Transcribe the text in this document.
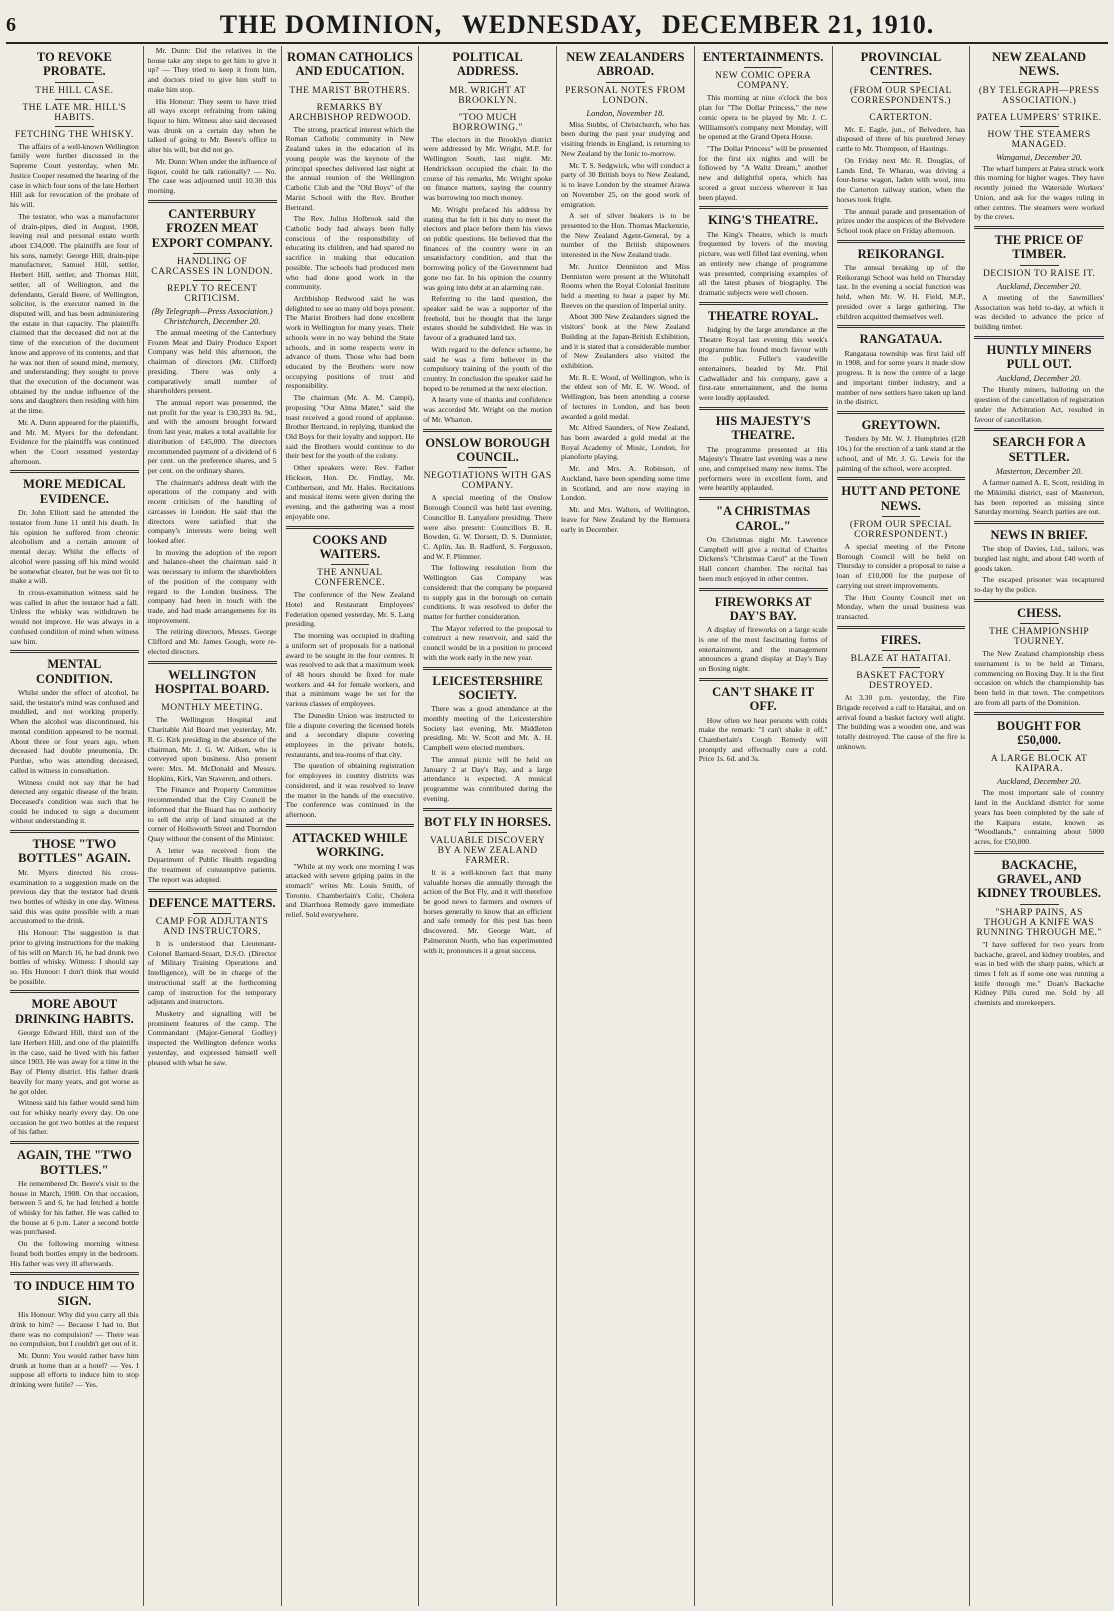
6	THE DOMINION, WEDNESDAY, DECEMBER 21, 1910.
TO REVOKE PROBATE.
THE HILL CASE.
THE LATE MR. HILL'S HABITS.
FETCHING THE WHISKY.

The affairs of a well-known Wellington family were further discussed in the Supreme Court yesterday, when Mr. Justice Cooper resumed the hearing of the case in which four sons of the late Herbert Hill ask for revocation of the probate of his will.

The testator, who was a manufacturer of drain-pipes, died in August, 1908, leaving real and personal estate worth about £34,000. The plaintiffs are four of his sons, namely: George Hill, drain-pipe manufacturer, Samuel Hill, settler, Herbert Hill, settler, and Thomas Hill, settler, all of Wellington, and the defendants, Gerald Beere, of Wellington, solicitor, is the executor named in the disputed will, and has been administering the estate in that capacity. The plaintiffs claimed that the deceased did not at the time of the execution of the document know and approve of its contents, and that he was not then of sound mind, memory, and understanding; they sought to prove that the execution of the document was obtained by the undue influence of the sons and daughters then residing with him at the time.

Mr. A. Dunn appeared for the plaintiffs, and Mr. M. Myers for the defendant. Evidence for the plaintiffs was continued when the Court resumed yesterday afternoon.

MORE MEDICAL EVIDENCE.

Dr. John Elliott said he attended the testator from June 11 until his death. In his opinion he suffered from chronic alcoholism and a certain amount of mental decay. Whilst the effects of alcohol were passing off his mind would be somewhat clearer, but he was not fit to make a will.

In cross-examination witness said he was called in after the testator had a fall. Unless the whisky was withdrawn he would not improve. He was always in a confused condition of mind when witness saw him.

MENTAL CONDITION.

Whilst under the effect of alcohol, he said, the testator's mind was confused and muddled, and not working properly. When the alcohol was discontinued, his mental condition appeared to be normal. About three or four years ago, when deceased had double pneumonia, Dr. Purdue, who was attending deceased, called in witness in consultation.

Witness could not say that he had detected any organic disease of the brain. Deceased's condition was such that he could be induced to sign a document without understanding it.

THOSE "TWO BOTTLES" AGAIN.

Mr. Myers directed his cross-examination to a suggestion made on the previous day that the testator had drunk two bottles of whisky in one day. Witness said this was quite possible with a man accustomed to the drink.

His Honour: The suggestion is that prior to giving instructions for the making of his will on March 16, he had drunk two bottles of whisky. Witness: I should say so. His Honour: I don't think that would be possible.

MORE ABOUT DRINKING HABITS.

George Edward Hill, third son of the late Herbert Hill, and one of the plaintiffs in the case, said he lived with his father since 1903. He was away for a time in the Bay of Plenty district. His father drank heavily for many years, and got worse as he got older.

Witness said his father would send him out for whisky nearly every day. On one occasion he got two bottles at the request of his father.

AGAIN, THE "TWO BOTTLES."

He remembered Dr. Beere's visit to the house in March, 1908. On that occasion, between 5 and 6, he had fetched a bottle of whisky for his father. He was called to the house at 6 p.m. Later a second bottle was purchased.

On the following morning witness found both bottles empty in the bedroom. His father was very ill afterwards.

TO INDUCE HIM TO SIGN.

His Honour: Why did you carry all this drink to him? — Because I had to. But there was no compulsion? — There was no compulsion, but I couldn't get out of it.

Mr. Dunn: You would rather have him drunk at home than at a hotel? — Yes. I suppose all efforts to induce him to stop drinking were futile? — Yes.

Mr. Dunn: Did the relatives in the house take any steps to get him to give it up? — They tried to keep it from him, and doctors tried to give him stuff to make him stop.

His Honour: They seem to have tried all ways except refraining from taking liquor to him. Witness also said deceased was drunk on a certain day when he talked of going to Mr. Beere's office to alter his will, but did not go.

Mr. Dunn: When under the influence of liquor, could he talk rationally? — No. The case was adjourned until 10.30 this morning.

CANTERBURY FROZEN MEAT EXPORT COMPANY.
HANDLING OF CARCASSES IN LONDON.
REPLY TO RECENT CRITICISM.
(By Telegraph—Press Association.) Christchurch, December 20.

The annual meeting of the Canterbury Frozen Meat and Dairy Produce Export Company was held this afternoon, the chairman of directors (Mr. Clifford) presiding. There was only a comparatively small number of shareholders present.

The annual report was presented, the net profit for the year is £30,393 8s. 9d., and with the amount brought forward from last year, makes a total available for distribution of £45,000. The directors recommended payment of a dividend of 6 per cent. on the preference shares, and 5 per cent. on the ordinary shares.

The chairman's address dealt with the operations of the company and with recent criticism of the handling of carcasses in London. He said that the directors were satisfied that the company's interests were being well looked after.

In moving the adoption of the report and balance-sheet the chairman said it was necessary to inform the shareholders of the position of the company with regard to the London business. The company had been in touch with the trade, and had made arrangements for its improvement.

The retiring directors, Messrs. George Clifford and Mr. James Gough, were re-elected directors.

WELLINGTON HOSPITAL BOARD.
MONTHLY MEETING.

The Wellington Hospital and Charitable Aid Board met yesterday, Mr. R. G. Kirk presiding in the absence of the chairman, Mr. J. G. W. Aitken, who is conveyed upon business. Also present were: Mrs. M. McDonald and Messrs. Hopkins, Kirk, Van Staveren, and others.

The Finance and Property Committee recommended that the City Council be informed that the Board has no authority to sell the strip of land situated at the corner of Hollsworth Street and Thorndon Quay without the consent of the Minister.

A letter was received from the Department of Public Health regarding the treatment of consumptive patients. The report was adopted.

DEFENCE MATTERS.
CAMP FOR ADJUTANTS AND INSTRUCTORS.

It is understood that Lieutenant-Colonel Barnard-Stuart, D.S.O. (Director of Military Training Operations and Intelligence), will be in charge of the instructional staff at the forthcoming camp of instruction for the temporary adjutants and instructors.

Musketry and signalling will be prominent features of the camp. The Commandant (Major-General Godley) inspected the Wellington defence works yesterday, and expressed himself well pleased with what he saw.

ROMAN CATHOLICS AND EDUCATION.
THE MARIST BROTHERS.
REMARKS BY ARCHBISHOP REDWOOD.

The strong, practical interest which the Roman Catholic community in New Zealand takes in the education of its young people was the keynote of the principal speeches delivered last night at the annual reunion of the Wellington Catholic Club and the "Old Boys" of the Marist School with the Rev. Brother Bertrand.

The Rev. Julius Holbrook said the Catholic body had always been fully conscious of the responsibility of educating its children, and had spared no sacrifice in making that education possible. The schools had produced men who had done good work in the community.

Archbishop Redwood said he was delighted to see so many old boys present. The Marist Brothers had done excellent work in Wellington for many years. Their schools were in no way behind the State schools, and in some respects were in advance of them. Those who had been educated by the Brothers were now occupying positions of trust and responsibility.

The chairman (Mr. A. M. Campi), proposing "Our Alma Mater," said the toast received a good round of applause. Brother Bertrand, in replying, thanked the Old Boys for their loyalty and support. He said the Brothers would continue to do their best for the youth of the colony.

Other speakers were: Rev. Father Hickson, Hon. Dr. Findlay, Mr. Cuthbertson, and Mr. Hales. Recitations and musical items were given during the evening, and the gathering was a most enjoyable one.

COOKS AND WAITERS.
THE ANNUAL CONFERENCE.

The conference of the New Zealand Hotel and Restaurant Employees' Federation opened yesterday, Mr. S. Lang presiding.

The morning was occupied in drafting a uniform set of proposals for a national award to be sought in the four centres. It was resolved to ask that a maximum week of 48 hours should be fixed for male workers and 44 for female workers, and that a minimum wage be set for the various classes of employees.

The Dunedin Union was instructed to file a dispute covering the licensed hotels and a secondary dispute covering employees in the private hotels, restaurants, and tea-rooms of that city.

The question of obtaining registration for employees in country districts was considered, and it was resolved to leave the matter in the hands of the executive. The conference was continued in the afternoon.

ATTACKED WHILE WORKING.

"While at my work one morning I was attacked with severe griping pains in the stomach" writes Mr. Louis Smith, of Toronto. Chamberlain's Colic, Cholera and Diarrhoea Remedy gave immediate relief. Sold everywhere.

POLITICAL ADDRESS.
MR. WRIGHT AT BROOKLYN.
"TOO MUCH BORROWING."

The electors in the Brooklyn district were addressed by Mr. Wright, M.P. for Wellington South, last night. Mr. Hendrickson occupied the chair. In the course of his remarks, Mr. Wright spoke on finance matters, saying the country was borrowing too much money.

Mr. Wright prefaced his address by stating that he felt it his duty to meet the electors and place before them his views on public questions. He believed that the finances of the country were in an unsatisfactory condition, and that the borrowing policy of the Government had gone too far. In his opinion the country was going into debt at an alarming rate.

Referring to the land question, the speaker said he was a supporter of the freehold, but he thought that the large estates should be subdivided. He was in favour of a graduated land tax.

With regard to the defence scheme, he said he was a firm believer in the compulsory training of the youth of the country. In conclusion the speaker said he hoped to be returned at the next election.

A hearty vote of thanks and confidence was accorded Mr. Wright on the motion of Mr. Wharton.

ONSLOW BOROUGH COUNCIL.
NEGOTIATIONS WITH GAS COMPANY.

A special meeting of the Onslow Borough Council was held last evening, Councillor B. Lanyafore presiding. There were also present: Councillors B. R. Bowden, G. W. Dorsett, D. S. Dunnister, C. Aplin, Jas. B. Radford, S. Fergusson, and W. F. Plimmer.

The following resolution from the Wellington Gas Company was considered: that the company be prepared to supply gas in the borough on certain conditions. It was resolved to defer the matter for further consideration.

The Mayor referred to the proposal to construct a new reservoir, and said the council would be in a position to proceed with the work early in the new year.

LEICESTERSHIRE SOCIETY.

There was a good attendance at the monthly meeting of the Leicestershire Society last evening, Mr. Middleton presiding. Mr. W. Scott and Mr. A. H. Campbell were elected members.

The annual picnic will be held on January 2 at Day's Bay, and a large attendance is expected. A musical programme was contributed during the evening.

BOT FLY IN HORSES.
VALUABLE DISCOVERY BY A NEW ZEALAND FARMER.

It is a well-known fact that many valuable horses die annually through the action of the Bot Fly, and it will therefore be good news to farmers and owners of horses generally to know that an efficient and safe remedy for this pest has been discovered. Mr. George Watt, of Palmerston North, who has experimented with it, pronounces it a great success.

NEW ZEALANDERS ABROAD.
PERSONAL NOTES FROM LONDON.
London, November 18.

Miss Stubbs, of Christchurch, who has been during the past year studying and visiting friends in England, is returning to New Zealand by the Ionic to-morrow.

Mr. T. S. Sedgwick, who will conduct a party of 30 British boys to New Zealand, is to leave London by the steamer Arawa on November 25, on the good work of emigration.

A set of silver beakers is to be presented to the Hon. Thomas Mackenzie, the New Zealand Agent-General, by a number of the British shipowners interested in the New Zealand trade.

Mr. Justice Denniston and Miss Denniston were present at the Whitehall Rooms when the Royal Colonial Institute held a meeting to hear a paper by Mr. Reeves on the question of Imperial unity.

About 300 New Zealanders signed the visitors' book at the New Zealand Building at the Japan-British Exhibition, and it is stated that a considerable number of New Zealanders also visited the exhibition.

Mr. R. E. Wood, of Wellington, who is the eldest son of Mr. E. W. Wood, of Wellington, has been attending a course of lectures in London, and has been awarded a gold medal.

Mr. Alfred Saunders, of New Zealand, has been awarded a gold medal at the Royal Academy of Music, London, for pianoforte playing.

Mr. and Mrs. A. Robinson, of Auckland, have been spending some time in Scotland, and are now staying in London.

Mr. and Mrs. Walters, of Wellington, leave for New Zealand by the Remuera early in December.

ENTERTAINMENTS.
NEW COMIC OPERA COMPANY.

This morning at nine o'clock the box plan for "The Dollar Princess," the new comic opera to be played by Mr. J. C. Williamson's company next Monday, will be opened at the Grand Opera House.

"The Dollar Princess" will be presented for the first six nights and will be followed by "A Waltz Dream," another new and delightful opera, which has scored a great success wherever it has been played.

KING'S THEATRE.

The King's Theatre, which is much frequented by lovers of the moving picture, was well filled last evening, when an entirely new change of programme was presented, comprising examples of all the latest phases of biography. The dramatic subjects were well chosen.

THEATRE ROYAL.

Judging by the large attendance at the Theatre Royal last evening this week's programme has found much favour with the public. Fuller's vaudeville entertainers, headed by Mr. Phil Cadwallader and his company, gave a first-rate entertainment, and the items were loudly applauded.

HIS MAJESTY'S THEATRE.

The programme presented at His Majesty's Theatre last evening was a new one, and comprised many new items. The performers were in excellent form, and were heartily applauded.

"A CHRISTMAS CAROL."

On Christmas night Mr. Lawrence Campbell will give a recital of Charles Dickens's "Christmas Carol" at the Town Hall concert chamber. The recital has been much enjoyed in other centres.

FIREWORKS AT DAY'S BAY.

A display of fireworks on a large scale is one of the most fascinating forms of entertainment, and the management announces a grand display at Day's Bay on Boxing night.

CAN'T SHAKE IT OFF.

How often we hear persons with colds make the remark: "I can't shake it off." Chamberlain's Cough Remedy will promptly and effectually cure a cold. Price 1s. 6d. and 3s.

PROVINCIAL CENTRES.
(FROM OUR SPECIAL CORRESPONDENTS.)
CARTERTON.

Mr. E. Eagle, jun., of Belvedere, has disposed of three of his purebred Jersey cattle to Mr. Thompson, of Hastings.

On Friday next Mr. R. Douglas, of Lands End, Te Wharau, was driving a four-horse wagon, laden with wool, into the Carterton railway station, when the horses took fright.

The annual parade and presentation of prizes under the auspices of the Belvedere School took place on Friday afternoon.

REIKORANGI.

The annual breaking up of the Reikorangi School was held on Thursday last. In the evening a social function was held, when Mr. W. H. Field, M.P., presided over a large gathering. The children acquitted themselves well.

RANGATAUA.

Rangataua township was first laid off in 1908, and for some years it made slow progress. It is now the centre of a large and important timber industry, and a number of new settlers have taken up land in the district.

GREYTOWN.

Tenders by Mr. W. J. Humphries (£28 10s.) for the erection of a tank stand at the school, and of Mr. J. G. Lewis for the painting of the school, were accepted.

HUTT AND PETONE NEWS.
(FROM OUR SPECIAL CORRESPONDENT.)

A special meeting of the Petone Borough Council will be held on Thursday to consider a proposal to raise a loan of £10,000 for the purpose of carrying out street improvements.

The Hutt County Council met on Monday, when the usual business was transacted.

FIRES.
BLAZE AT HATAITAI.
BASKET FACTORY DESTROYED.

At 3.30 p.m. yesterday, the Fire Brigade received a call to Hataitai, and on arrival found a basket factory well alight. The building was a wooden one, and was totally destroyed. The cause of the fire is unknown.

NEW ZEALAND NEWS.
(BY TELEGRAPH—PRESS ASSOCIATION.)
PATEA LUMPERS' STRIKE.
HOW THE STEAMERS MANAGED.
Wanganui, December 20.

The wharf lumpers at Patea struck work this morning for higher wages. They have recently joined the Waterside Workers' Union, and ask for the wages ruling in other centres. The steamers were worked by the crews.

THE PRICE OF TIMBER.
DECISION TO RAISE IT.
Auckland, December 20.

A meeting of the Sawmillers' Association was held to-day, at which it was decided to advance the price of building timber.

HUNTLY MINERS PULL OUT.
Auckland, December 20.

The Huntly miners, balloting on the question of the cancellation of registration under the Arbitration Act, resulted in favour of cancellation.

SEARCH FOR A SETTLER.
Masterton, December 20.

A farmer named A. E. Scott, residing in the Mikimiki district, east of Masterton, has been reported as missing since Saturday morning. Search parties are out.

NEWS IN BRIEF.

The shop of Davies, Ltd., tailors, was burgled last night, and about £40 worth of goods taken.

The escaped prisoner was recaptured to-day by the police.

CHESS.
THE CHAMPIONSHIP TOURNEY.

The New Zealand championship chess tournament is to be held at Timaru, commencing on Boxing Day. It is the first occasion on which the championship has been held in that town. The competitors are from all parts of the Dominion.

BOUGHT FOR £50,000.
A LARGE BLOCK AT KAIPARA.
Auckland, December 20.

The most important sale of country land in the Auckland district for some years has been completed by the sale of the Kaipara estate, known as "Woodlands," containing about 5000 acres, for £50,000.

BACKACHE, GRAVEL, AND KIDNEY TROUBLES.
"SHARP PAINS, AS THOUGH A KNIFE WAS RUNNING THROUGH ME."

"I have suffered for two years from backache, gravel, and kidney troubles, and was in bed with the sharp pains, which at times I felt as if some one was running a knife through me." Doan's Backache Kidney Pills cured me. Sold by all chemists and storekeepers.
